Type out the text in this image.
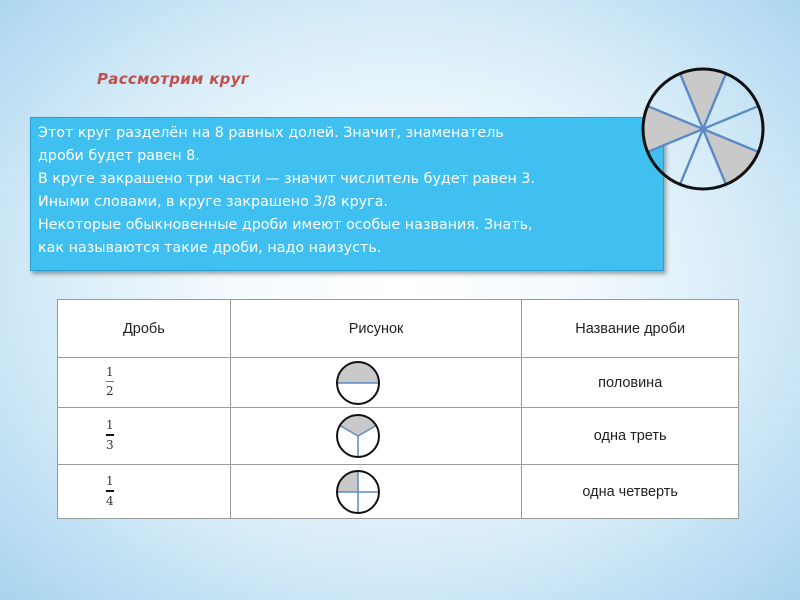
Рассмотрим круг
Этот круг разделён на 8 равных долей. Значит, знаменатель
дроби будет равен 8.
В круге закрашено три части — значит числитель будет равен 3.
Иными словами, в круге закрашено 3/8 круга.
Некоторые обыкновенные дроби имеют особые названия. Знать,
как называются такие дроби, надо наизусть.
Дробь	Рисунок	Название дроби
$\frac{1}{2}$		половина
$\frac{1}{3}$		одна треть
$\frac{1}{4}$		одна четверть
